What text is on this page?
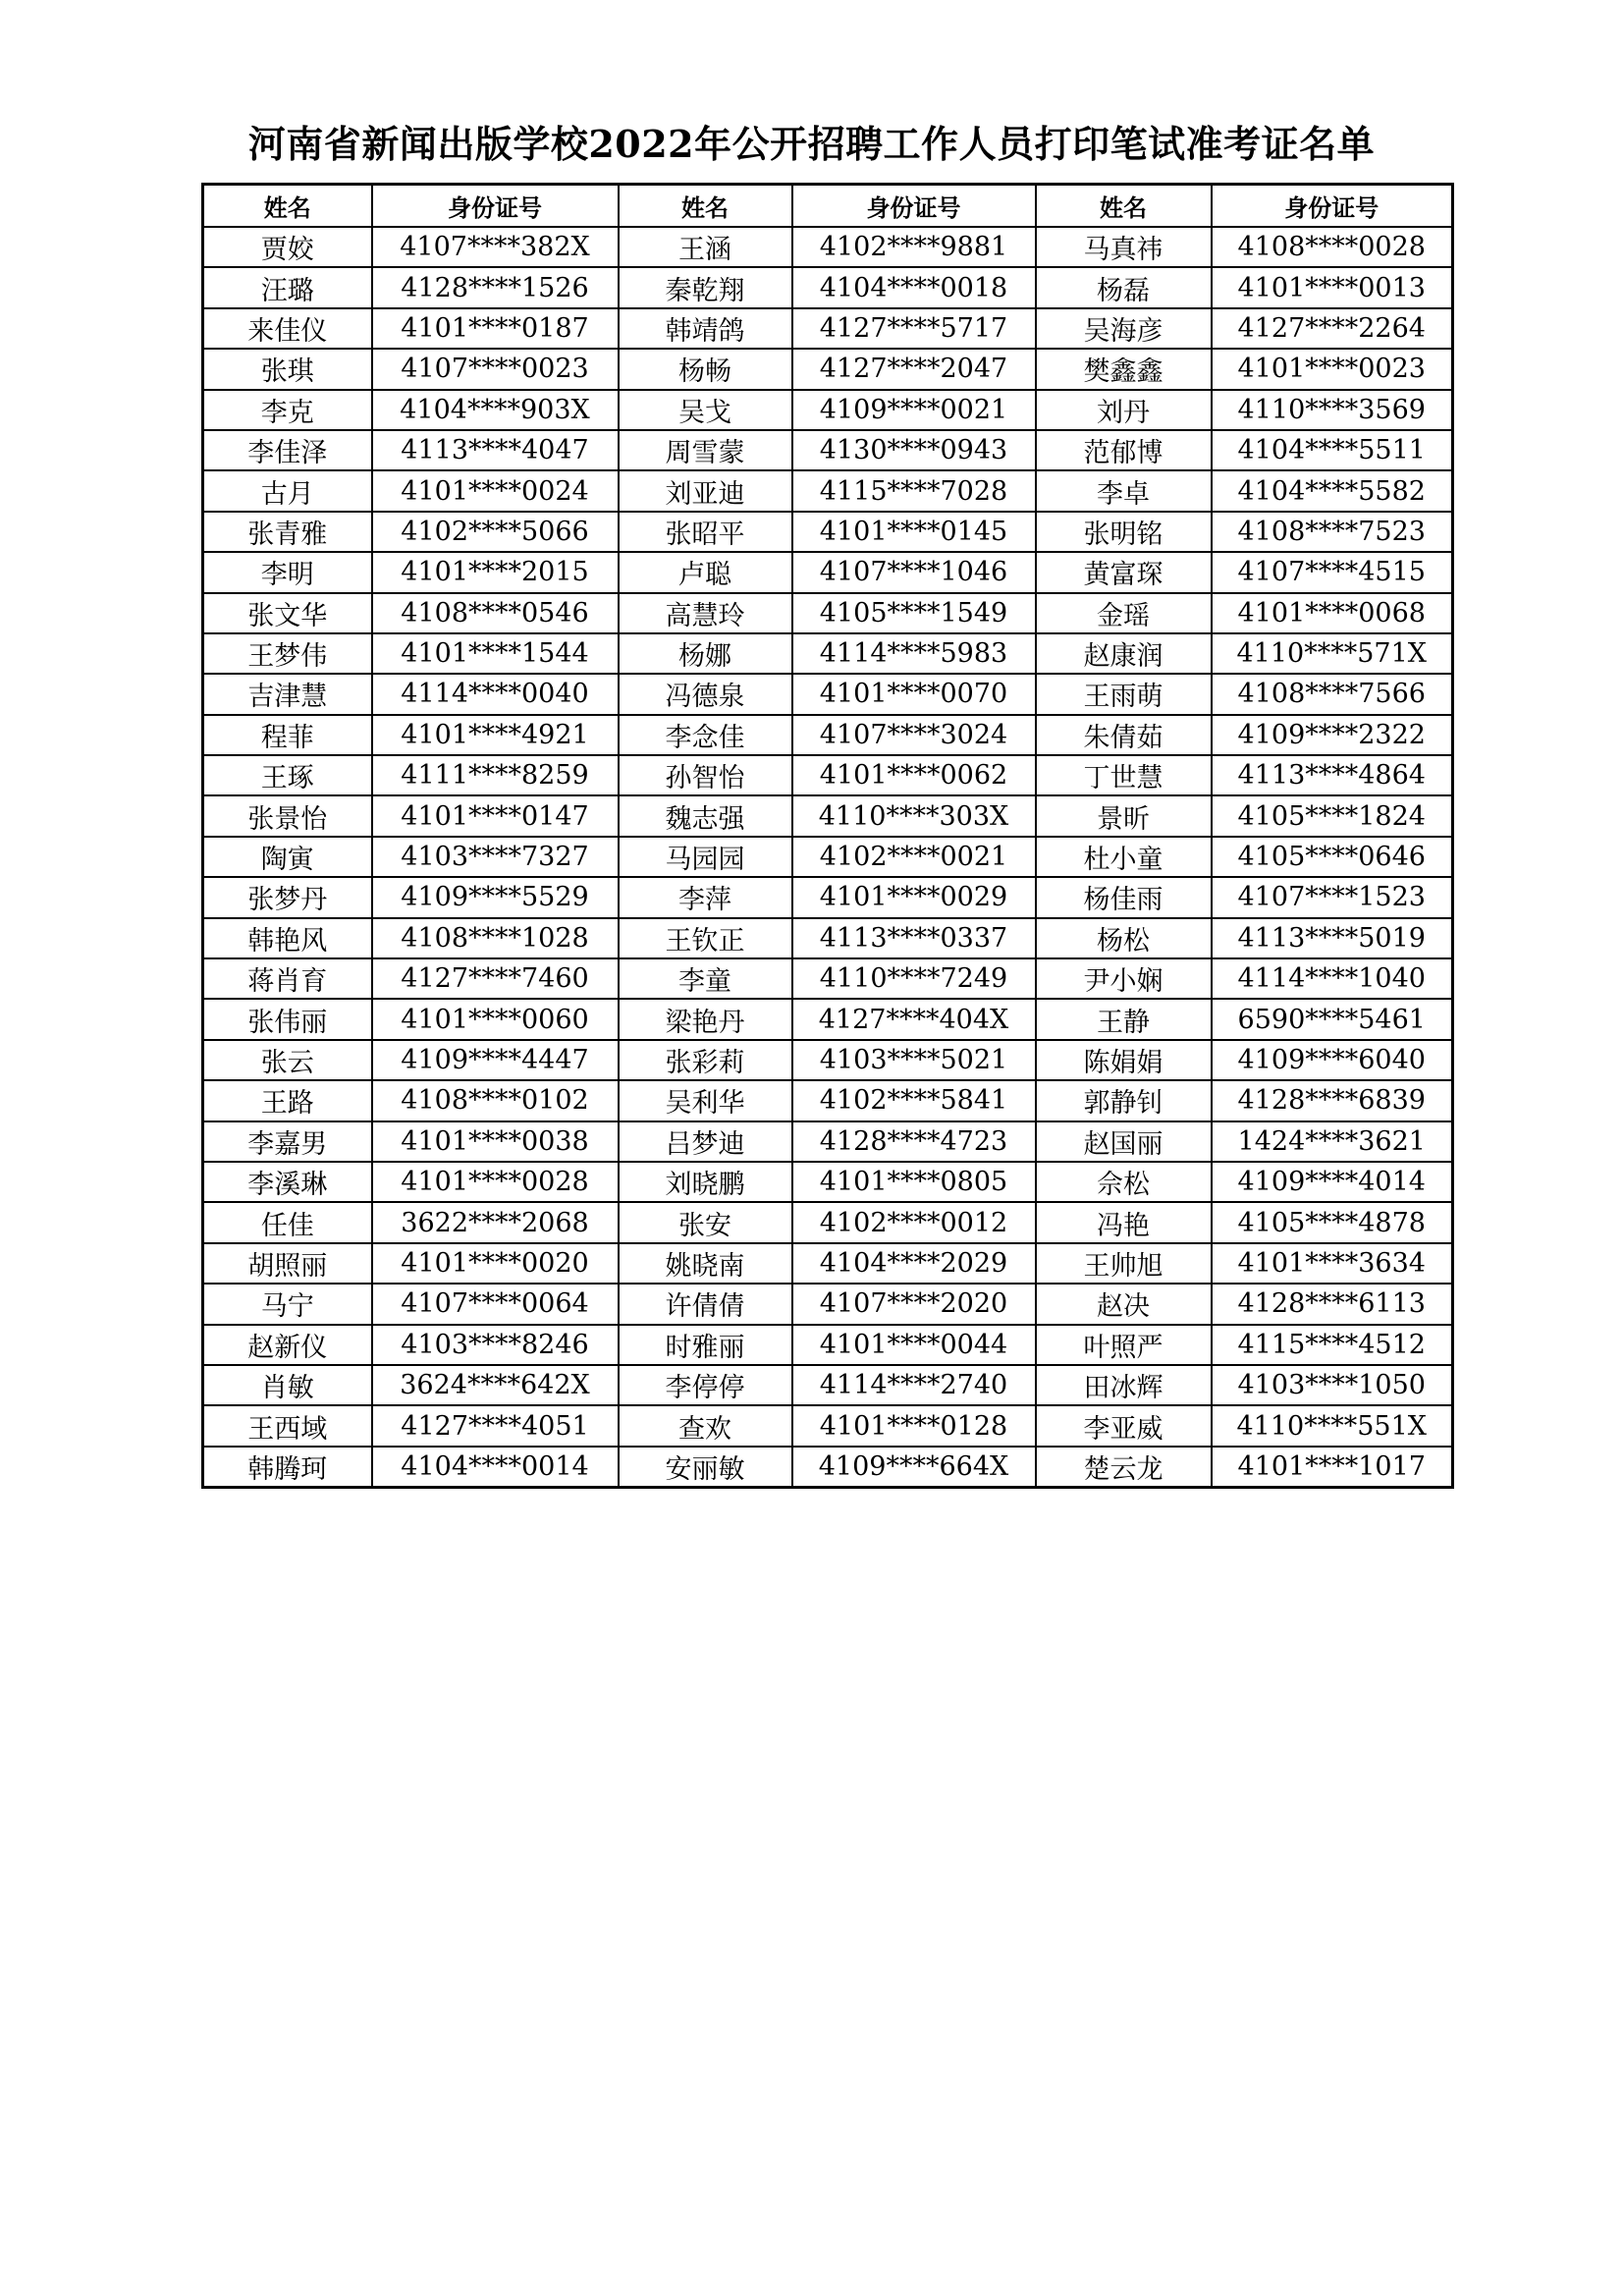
河南省新闻出版学校2022年公开招聘工作人员打印笔试准考证名单
姓名	身份证号	姓名	身份证号	姓名	身份证号
贾姣	4107****382X	王涵	4102****9881	马真祎	4108****0028
汪璐	4128****1526	秦乾翔	4104****0018	杨磊	4101****0013
来佳仪	4101****0187	韩靖鸽	4127****5717	吴海彦	4127****2264
张琪	4107****0023	杨畅	4127****2047	樊鑫鑫	4101****0023
李克	4104****903X	吴戈	4109****0021	刘丹	4110****3569
李佳泽	4113****4047	周雪蒙	4130****0943	范郁博	4104****5511
古月	4101****0024	刘亚迪	4115****7028	李卓	4104****5582
张青雅	4102****5066	张昭平	4101****0145	张明铭	4108****7523
李明	4101****2015	卢聪	4107****1046	黄富琛	4107****4515
张文华	4108****0546	高慧玲	4105****1549	金瑶	4101****0068
王梦伟	4101****1544	杨娜	4114****5983	赵康润	4110****571X
吉津慧	4114****0040	冯德泉	4101****0070	王雨萌	4108****7566
程菲	4101****4921	李念佳	4107****3024	朱倩茹	4109****2322
王琢	4111****8259	孙智怡	4101****0062	丁世慧	4113****4864
张景怡	4101****0147	魏志强	4110****303X	景昕	4105****1824
陶寅	4103****7327	马园园	4102****0021	杜小童	4105****0646
张梦丹	4109****5529	李萍	4101****0029	杨佳雨	4107****1523
韩艳风	4108****1028	王钦正	4113****0337	杨松	4113****5019
蒋肖育	4127****7460	李童	4110****7249	尹小娴	4114****1040
张伟丽	4101****0060	梁艳丹	4127****404X	王静	6590****5461
张云	4109****4447	张彩莉	4103****5021	陈娟娟	4109****6040
王路	4108****0102	吴利华	4102****5841	郭静钊	4128****6839
李嘉男	4101****0038	吕梦迪	4128****4723	赵国丽	1424****3621
李溪琳	4101****0028	刘晓鹏	4101****0805	佘松	4109****4014
任佳	3622****2068	张安	4102****0012	冯艳	4105****4878
胡照丽	4101****0020	姚晓南	4104****2029	王帅旭	4101****3634
马宁	4107****0064	许倩倩	4107****2020	赵决	4128****6113
赵新仪	4103****8246	时雅丽	4101****0044	叶照严	4115****4512
肖敏	3624****642X	李停停	4114****2740	田冰辉	4103****1050
王西域	4127****4051	查欢	4101****0128	李亚威	4110****551X
韩腾珂	4104****0014	安丽敏	4109****664X	楚云龙	4101****1017
